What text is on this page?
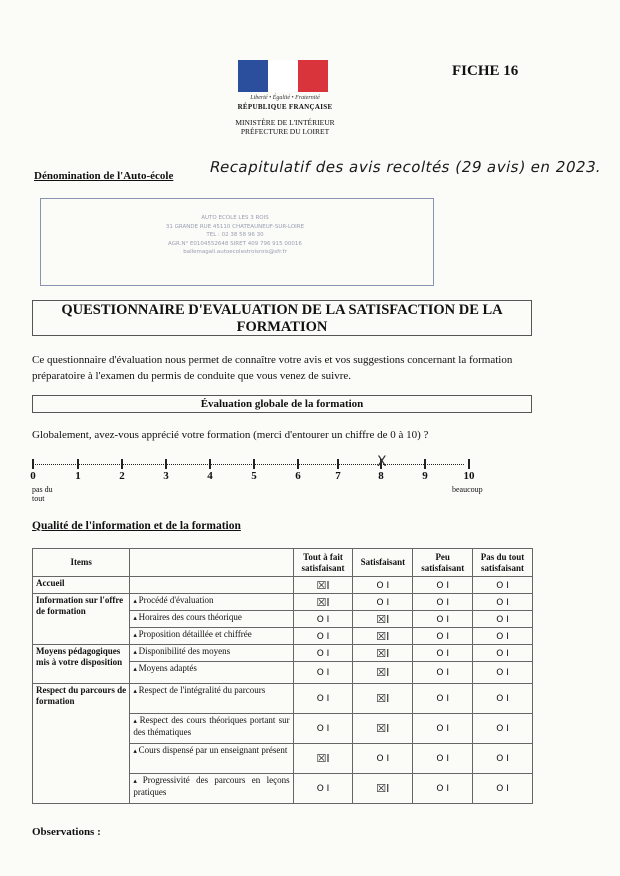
FICHE 16
Liberté • Égalité • Fraternité
RÉPUBLIQUE FRANÇAISE
MINISTÈRE DE L'INTÉRIEUR
PRÉFECTURE DU LOIRET
Dénomination de l'Auto-école Recapitulatif des avis recoltés (29 avis) en 2023.
AUTO ECOLE LES 3 ROIS
31 GRANDE RUE 45110 CHATEAUNEUF-SUR-LOIRE
TEL : 02 38 58 96 30
AGR.N° E0104552648 SIRET 409 796 915 00016
ballemagali.autoecolestroisrois@sfr.fr
QUESTIONNAIRE D'EVALUATION DE LA SATISFACTION DE LA
FORMATION
Ce questionnaire d'évaluation nous permet de connaître votre avis et vos suggestions concernant la formation préparatoire à l'examen du permis de conduite que vous venez de suivre.
Évaluation globale de la formation
Globalement, avez-vous apprécié votre formation (merci d'entourer un chiffre de 0 à 10) ?
0	1	2	3	4	5	6	7	8	9	10
pas du
tout
beaucoup
X
Qualité de l'information et de la formation
Items		Tout à fait satisfaisant	Satisfaisant	Peu satisfaisant	Pas du tout satisfaisant
Accueil		☒I	O I	O I	O I
Information sur l'offre de formation	▴ Procédé d'évaluation	☒I	O I	O I	O I
	▴ Horaires des cours théorique	O I	☒I	O I	O I
	▴ Proposition détaillée et chiffrée	O I	☒I	O I	O I
Moyens pédagogiques mis à votre disposition	▴ Disponibilité des moyens	O I	☒I	O I	O I
	▴ Moyens adaptés	O I	☒I	O I	O I
Respect du parcours de formation	▴ Respect de l'intégralité du parcours	O I	☒I	O I	O I
	▴ Respect des cours théoriques portant sur des thématiques	O I	☒I	O I	O I
	▴ Cours dispensé par un enseignant présent	☒I	O I	O I	O I
	▴ Progressivité des parcours en leçons pratiques	O I	☒I	O I	O I
Observations :
